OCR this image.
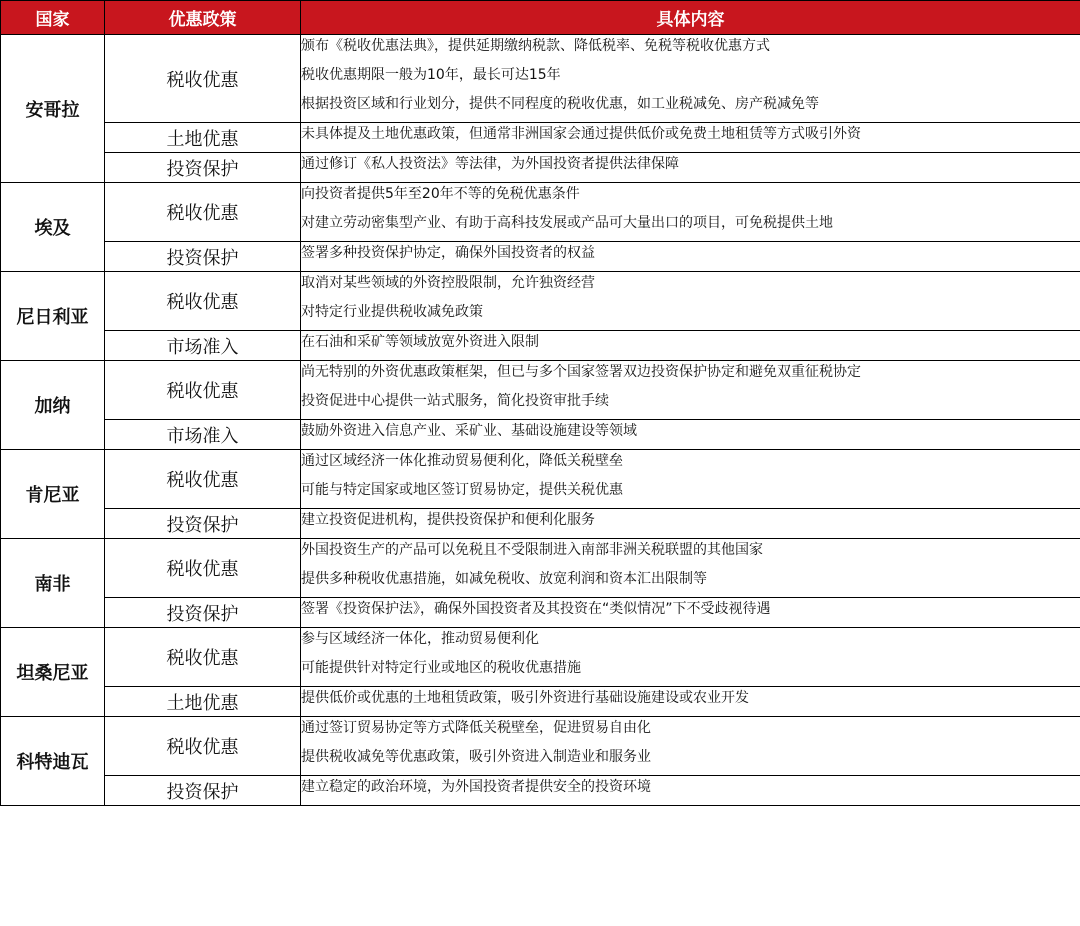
国家	优惠政策	具体内容
安哥拉	税收优惠	颁布《税收优惠法典》，提供延期缴纳税款、降低税率、免税等税收优惠方式
税收优惠期限一般为10年，最长可达15年
根据投资区域和行业划分，提供不同程度的税收优惠，如工业税减免、房产税减免等

	土地优惠	未具体提及土地优惠政策，但通常非洲国家会通过提供低价或免费土地租赁等方式吸引外资

	投资保护	通过修订《私人投资法》等法律，为外国投资者提供法律保障

埃及	税收优惠	向投资者提供5年至20年不等的免税优惠条件
对建立劳动密集型产业、有助于高科技发展或产品可大量出口的项目，可免税提供土地

	投资保护	签署多种投资保护协定，确保外国投资者的权益

尼日利亚	税收优惠	取消对某些领域的外资控股限制，允许独资经营
对特定行业提供税收减免政策

	市场准入	在石油和采矿等领域放宽外资进入限制

加纳	税收优惠	尚无特别的外资优惠政策框架，但已与多个国家签署双边投资保护协定和避免双重征税协定
投资促进中心提供一站式服务，简化投资审批手续

	市场准入	鼓励外资进入信息产业、采矿业、基础设施建设等领域

肯尼亚	税收优惠	通过区域经济一体化推动贸易便利化，降低关税壁垒
可能与特定国家或地区签订贸易协定，提供关税优惠

	投资保护	建立投资促进机构，提供投资保护和便利化服务

南非	税收优惠	外国投资生产的产品可以免税且不受限制进入南部非洲关税联盟的其他国家
提供多种税收优惠措施，如减免税收、放宽利润和资本汇出限制等

	投资保护	签署《投资保护法》，确保外国投资者及其投资在“类似情况”下不受歧视待遇

坦桑尼亚	税收优惠	参与区域经济一体化，推动贸易便利化
可能提供针对特定行业或地区的税收优惠措施

	土地优惠	提供低价或优惠的土地租赁政策，吸引外资进行基础设施建设或农业开发

科特迪瓦	税收优惠	通过签订贸易协定等方式降低关税壁垒，促进贸易自由化
提供税收减免等优惠政策，吸引外资进入制造业和服务业

	投资保护	建立稳定的政治环境，为外国投资者提供安全的投资环境
